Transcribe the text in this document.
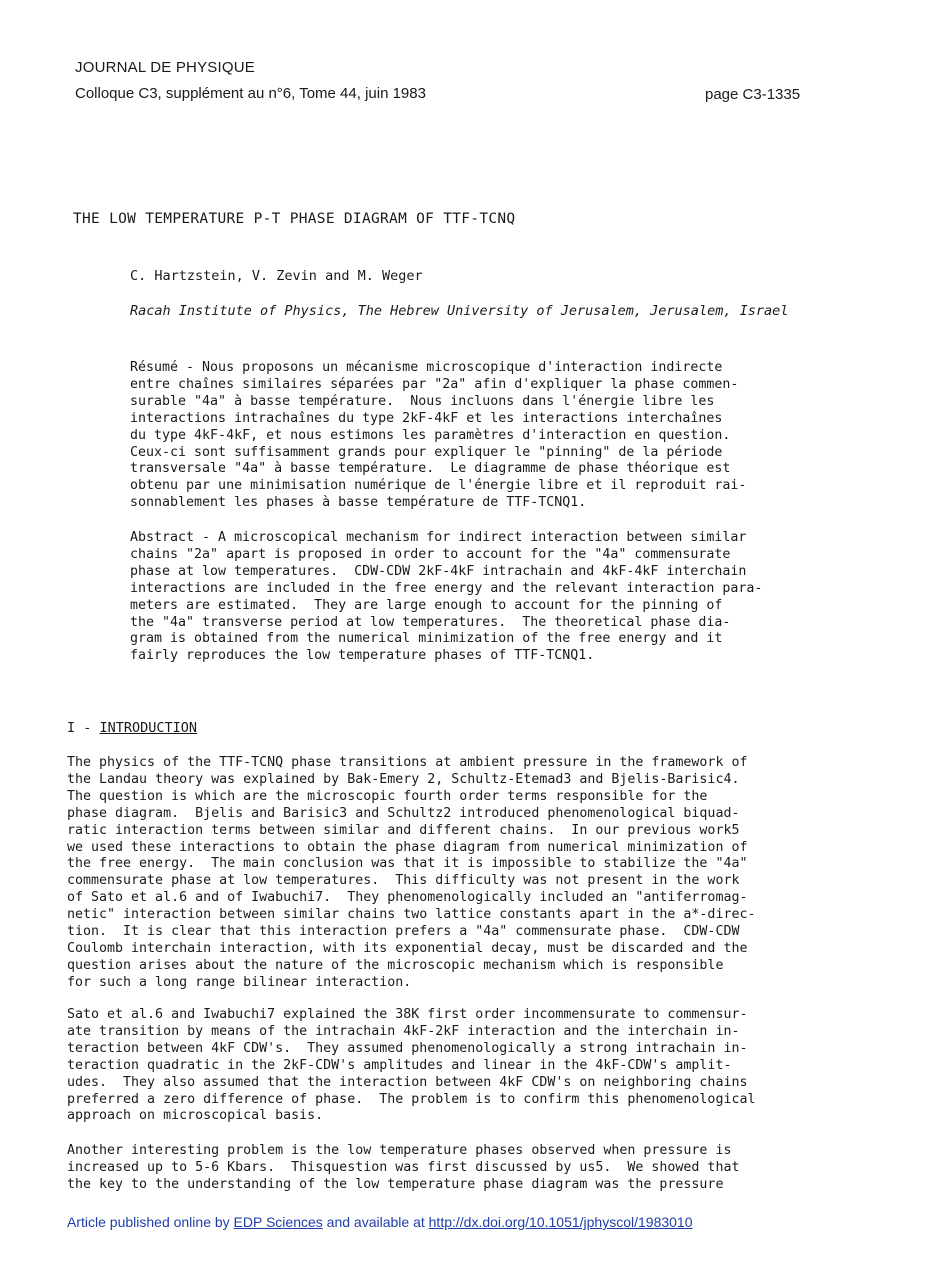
JOURNAL DE PHYSIQUE
Colloque C3, supplément au n°6, Tome 44, juin 1983	page C3-1335
THE LOW TEMPERATURE P-T PHASE DIAGRAM OF TTF-TCNQ
C. Hartzstein, V. Zevin and M. Weger
Racah Institute of Physics, The Hebrew University of Jerusalem, Jerusalem, Israel
Résumé - Nous proposons un mécanisme microscopique d'interaction indirecte
entre chaînes similaires séparées par "2a" afin d'expliquer la phase commen-
surable "4a" à basse température.  Nous incluons dans l'énergie libre les
interactions intrachaînes du type 2kF-4kF et les interactions interchaînes
du type 4kF-4kF, et nous estimons les paramètres d'interaction en question.
Ceux-ci sont suffisamment grands pour expliquer le "pinning" de la période
transversale "4a" à basse température.  Le diagramme de phase théorique est
obtenu par une minimisation numérique de l'énergie libre et il reproduit rai-
sonnablement les phases à basse température de TTF-TCNQ1.
Abstract - A microscopical mechanism for indirect interaction between similar
chains "2a" apart is proposed in order to account for the "4a" commensurate
phase at low temperatures.  CDW-CDW 2kF-4kF intrachain and 4kF-4kF interchain
interactions are included in the free energy and the relevant interaction para-
meters are estimated.  They are large enough to account for the pinning of
the "4a" transverse period at low temperatures.  The theoretical phase dia-
gram is obtained from the numerical minimization of the free energy and it
fairly reproduces the low temperature phases of TTF-TCNQ1.
I - INTRODUCTION
The physics of the TTF-TCNQ phase transitions at ambient pressure in the framework of
the Landau theory was explained by Bak-Emery 2, Schultz-Etemad3 and Bjelis-Barisic4.
The question is which are the microscopic fourth order terms responsible for the
phase diagram.  Bjelis and Barisic3 and Schultz2 introduced phenomenological biquad-
ratic interaction terms between similar and different chains.  In our previous work5
we used these interactions to obtain the phase diagram from numerical minimization of
the free energy.  The main conclusion was that it is impossible to stabilize the "4a"
commensurate phase at low temperatures.  This difficulty was not present in the work
of Sato et al.6 and of Iwabuchi7.  They phenomenologically included an "antiferromag-
netic" interaction between similar chains two lattice constants apart in the a*-direc-
tion.  It is clear that this interaction prefers a "4a" commensurate phase.  CDW-CDW
Coulomb interchain interaction, with its exponential decay, must be discarded and the
question arises about the nature of the microscopic mechanism which is responsible
for such a long range bilinear interaction.
Sato et al.6 and Iwabuchi7 explained the 38K first order incommensurate to commensur-
ate transition by means of the intrachain 4kF-2kF interaction and the interchain in-
teraction between 4kF CDW's.  They assumed phenomenologically a strong intrachain in-
teraction quadratic in the 2kF-CDW's amplitudes and linear in the 4kF-CDW's amplit-
udes.  They also assumed that the interaction between 4kF CDW's on neighboring chains
preferred a zero difference of phase.  The problem is to confirm this phenomenological
approach on microscopical basis.
Another interesting problem is the low temperature phases observed when pressure is
increased up to 5-6 Kbars.  Thisquestion was first discussed by us5.  We showed that
the key to the understanding of the low temperature phase diagram was the pressure
Article published online by EDP Sciences and available at http://dx.doi.org/10.1051/jphyscol/1983010
